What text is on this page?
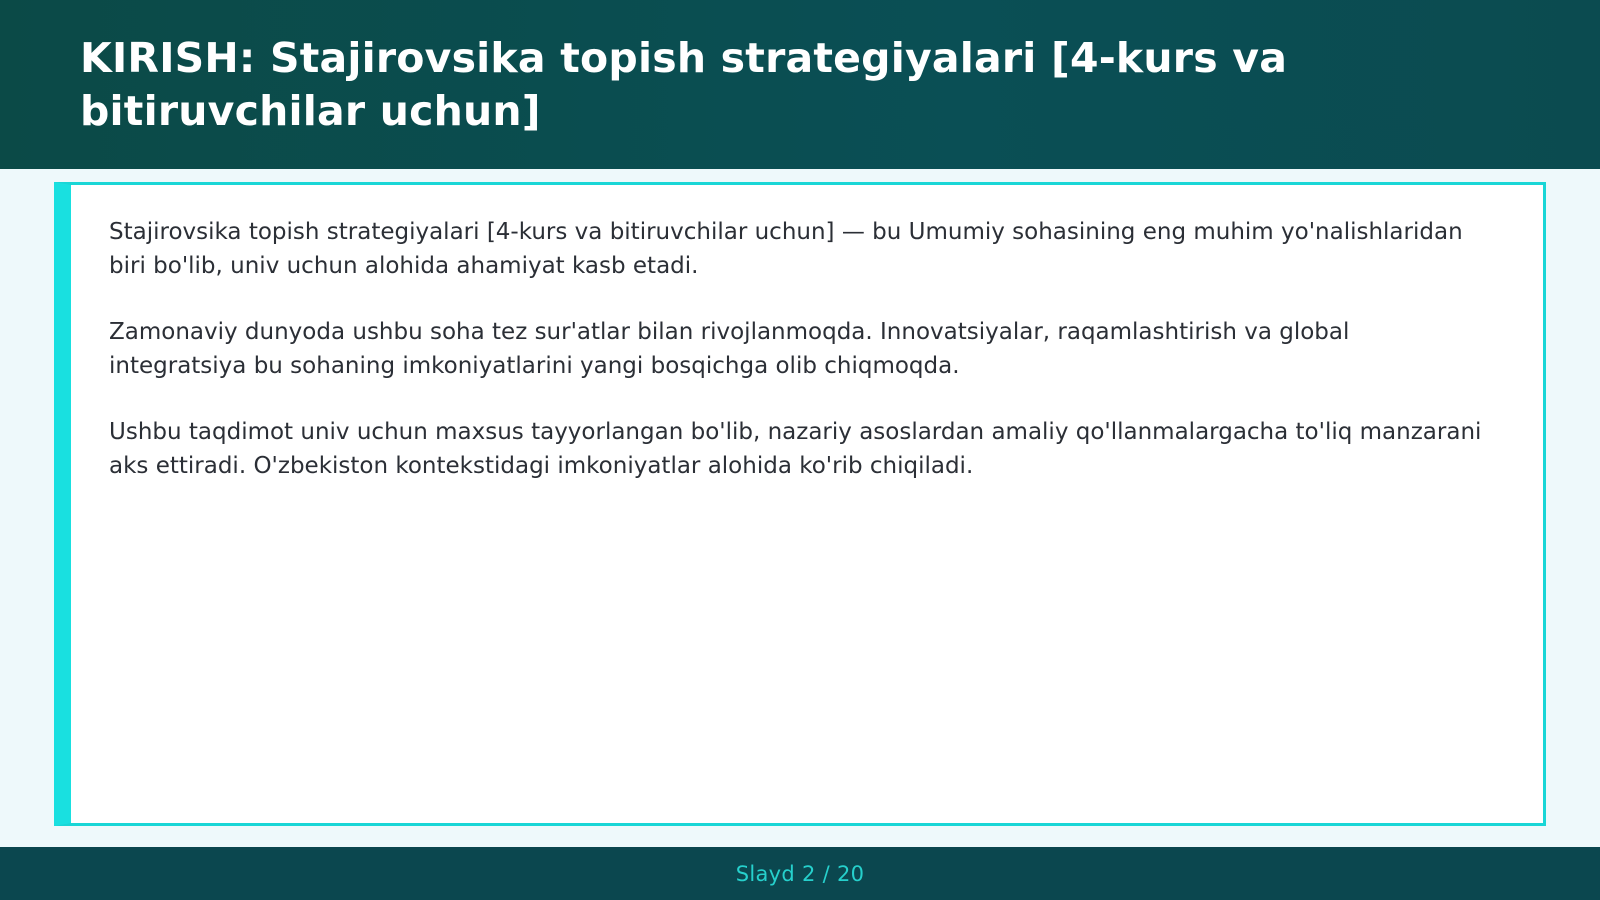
KIRISH: Stajirovsika topish strategiyalari [4-kurs va bitiruvchilar uchun]

Stajirovsika topish strategiyalari [4-kurs va bitiruvchilar uchun] — bu Umumiy sohasining eng muhim yo'nalishlaridan biri bo'lib, univ uchun alohida ahamiyat kasb etadi.

Zamonaviy dunyoda ushbu soha tez sur'atlar bilan rivojlanmoqda. Innovatsiyalar, raqamlashtirish va global integratsiya bu sohaning imkoniyatlarini yangi bosqichga olib chiqmoqda.

Ushbu taqdimot univ uchun maxsus tayyorlangan bo'lib, nazariy asoslardan amaliy qo'llanmalargacha to'liq manzarani aks ettiradi. O'zbekiston kontekstidagi imkoniyatlar alohida ko'rib chiqiladi.

Slayd 2 / 20
